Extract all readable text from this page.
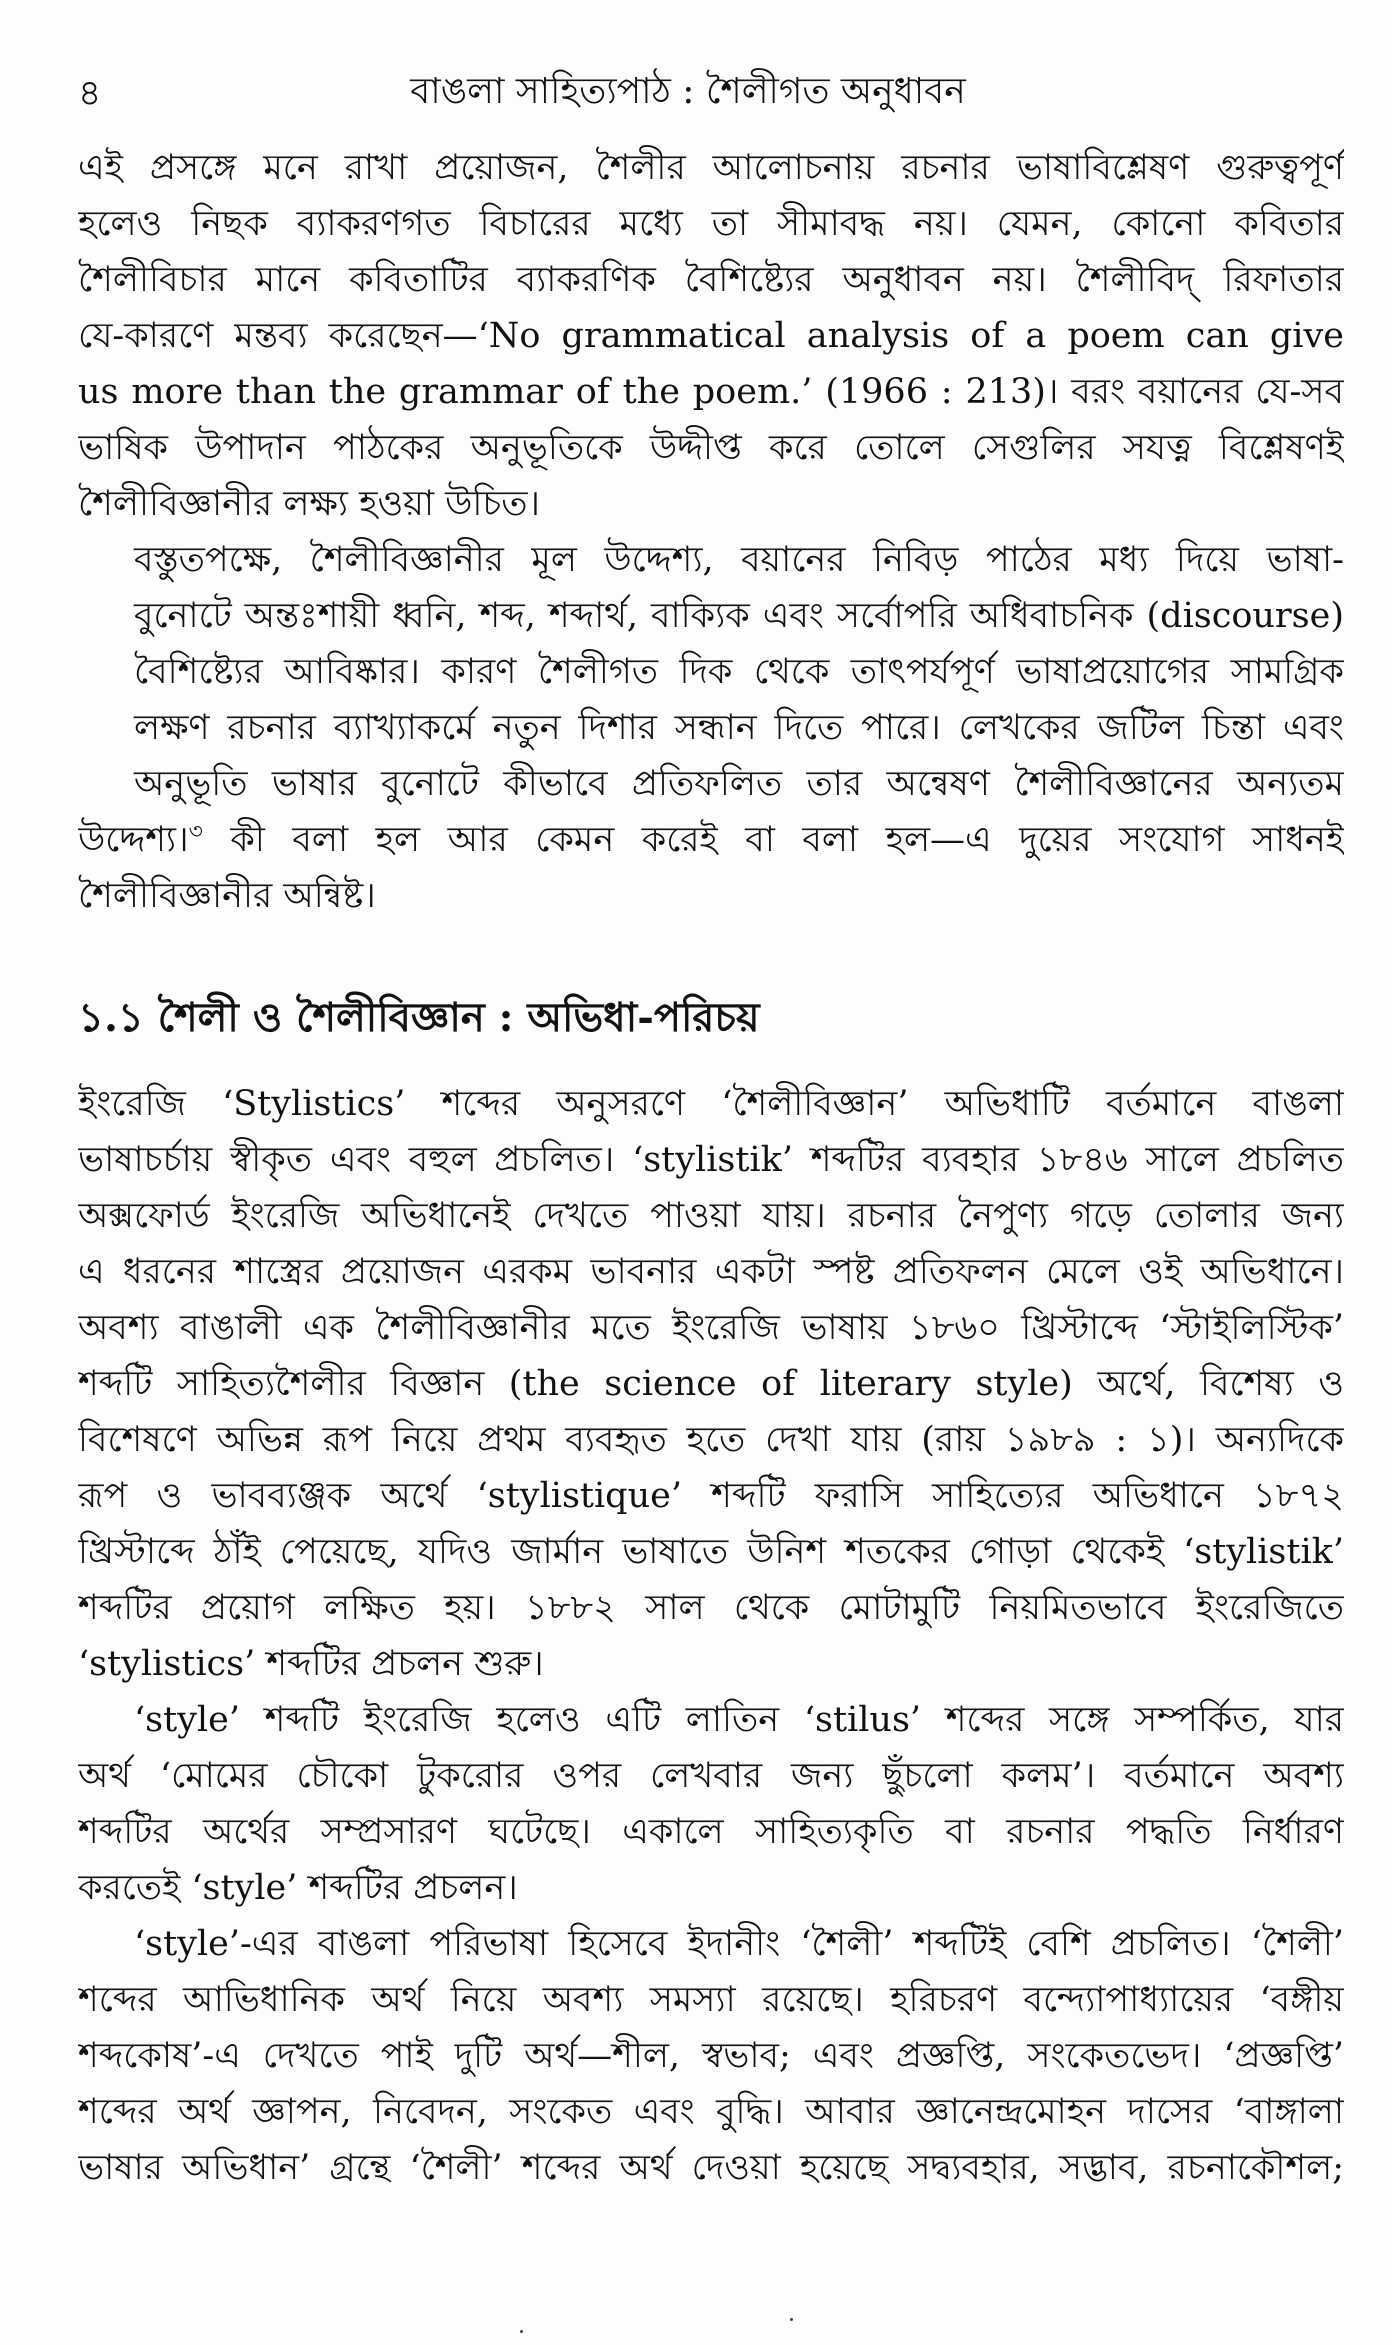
৪	বাঙলা সাহিত্যপাঠ : শৈলীগত অনুধাবন

এই প্রসঙ্গে মনে রাখা প্রয়োজন, শৈলীর আলোচনায় রচনার ভাষাবিশ্লেষণ গুরুত্বপূর্ণ
হলেও নিছক ব্যাকরণগত বিচারের মধ্যে তা সীমাবদ্ধ নয়। যেমন, কোনো কবিতার
শৈলীবিচার মানে কবিতাটির ব্যাকরণিক বৈশিষ্ট্যের অনুধাবন নয়। শৈলীবিদ্‌ রিফাতার
যে-কারণে মন্তব্য করেছেন—‘No grammatical analysis of a poem can give
us more than the grammar of the poem.’ (1966 : 213)। বরং বয়ানের যে-সব
ভাষিক উপাদান পাঠকের অনুভূতিকে উদ্দীপ্ত করে তোলে সেগুলির সযত্ন বিশ্লেষণই
শৈলীবিজ্ঞানীর লক্ষ্য হওয়া উচিত।

বস্তুতপক্ষে, শৈলীবিজ্ঞানীর মূল উদ্দেশ্য, বয়ানের নিবিড় পাঠের মধ্য দিয়ে ভাষা-
বুনোটে অন্তঃশায়ী ধ্বনি, শব্দ, শব্দার্থ, বাক্যিক এবং সর্বোপরি অধিবাচনিক (discourse)
বৈশিষ্ট্যের আবিষ্কার। কারণ শৈলীগত দিক থেকে তাৎপর্যপূর্ণ ভাষাপ্রয়োগের সামগ্রিক
লক্ষণ রচনার ব্যাখ্যাকর্মে নতুন দিশার সন্ধান দিতে পারে। লেখকের জটিল চিন্তা এবং
অনুভূতি ভাষার বুনোটে কীভাবে প্রতিফলিত তার অন্বেষণ শৈলীবিজ্ঞানের অন্যতম
উদ্দেশ্য।$^৩$ কী বলা হল আর কেমন করেই বা বলা হল—এ দুয়ের সংযোগ সাধনই
শৈলীবিজ্ঞানীর অন্বিষ্ট।

১.১ শৈলী ও শৈলীবিজ্ঞান : অভিধা-পরিচয়

ইংরেজি ‘Stylistics’ শব্দের অনুসরণে ‘শৈলীবিজ্ঞান’ অভিধাটি বর্তমানে বাঙলা
ভাষাচর্চায় স্বীকৃত এবং বহুল প্রচলিত। ‘stylistik’ শব্দটির ব্যবহার ১৮৪৬ সালে প্রচলিত
অক্সফোর্ড ইংরেজি অভিধানেই দেখতে পাওয়া যায়। রচনার নৈপুণ্য গড়ে তোলার জন্য
এ ধরনের শাস্ত্রের প্রয়োজন এরকম ভাবনার একটা স্পষ্ট প্রতিফলন মেলে ওই অভিধানে।
অবশ্য বাঙালী এক শৈলীবিজ্ঞানীর মতে ইংরেজি ভাষায় ১৮৬০ খ্রিস্টাব্দে ‘স্টাইলিস্টিক’
শব্দটি সাহিত্যশৈলীর বিজ্ঞান (the science of literary style) অর্থে, বিশেষ্য ও
বিশেষণে অভিন্ন রূপ নিয়ে প্রথম ব্যবহৃত হতে দেখা যায় (রায় ১৯৮৯ : ১)। অন্যদিকে
রূপ ও ভাবব্যঞ্জক অর্থে ‘stylistique’ শব্দটি ফরাসি সাহিত্যের অভিধানে ১৮৭২
খ্রিস্টাব্দে ঠাঁই পেয়েছে, যদিও জার্মান ভাষাতে উনিশ শতকের গোড়া থেকেই ‘stylistik’
শব্দটির প্রয়োগ লক্ষিত হয়। ১৮৮২ সাল থেকে মোটামুটি নিয়মিতভাবে ইংরেজিতে
‘stylistics’ শব্দটির প্রচলন শুরু।

‘style’ শব্দটি ইংরেজি হলেও এটি লাতিন ‘stilus’ শব্দের সঙ্গে সম্পর্কিত, যার
অর্থ ‘মোমের চৌকো টুকরোর ওপর লেখবার জন্য ছুঁচলো কলম’। বর্তমানে অবশ্য
শব্দটির অর্থের সম্প্রসারণ ঘটেছে। একালে সাহিত্যকৃতি বা রচনার পদ্ধতি নির্ধারণ
করতেই ‘style’ শব্দটির প্রচলন।

‘style’-এর বাঙলা পরিভাষা হিসেবে ইদানীং ‘শৈলী’ শব্দটিই বেশি প্রচলিত। ‘শৈলী’
শব্দের আভিধানিক অর্থ নিয়ে অবশ্য সমস্যা রয়েছে। হরিচরণ বন্দ্যোপাধ্যায়ের ‘বঙ্গীয়
শব্দকোষ’-এ দেখতে পাই দুটি অর্থ—শীল, স্বভাব; এবং প্রজ্ঞপ্তি, সংকেতভেদ। ‘প্রজ্ঞপ্তি’
শব্দের অর্থ জ্ঞাপন, নিবেদন, সংকেত এবং বুদ্ধি। আবার জ্ঞানেন্দ্রমোহন দাসের ‘বাঙ্গালা
ভাষার অভিধান’ গ্রন্থে ‘শৈলী’ শব্দের অর্থ দেওয়া হয়েছে সদ্ব্যবহার, সদ্ভাব, রচনাকৌশল;
